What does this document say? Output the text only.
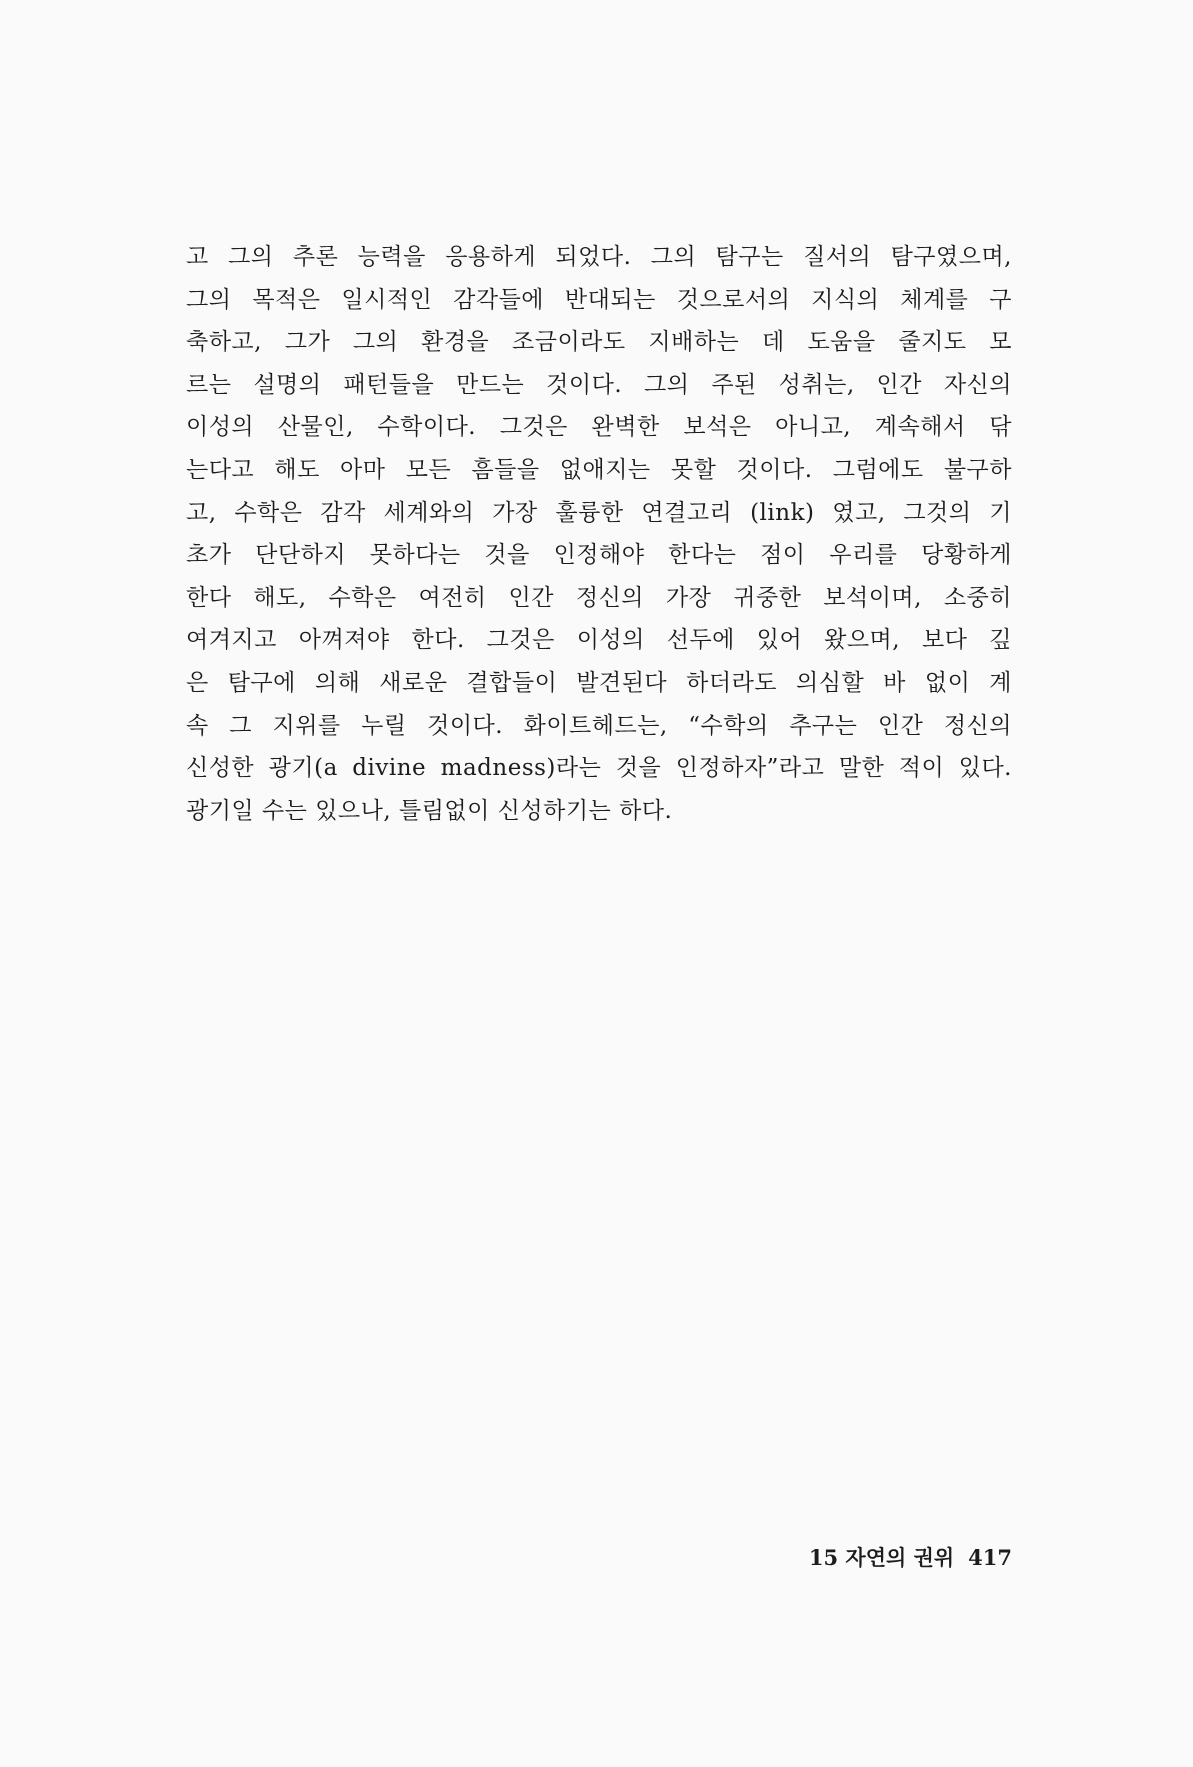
고 그의 추론 능력을 응용하게 되었다. 그의 탐구는 질서의 탐구였으며,
그의 목적은 일시적인 감각들에 반대되는 것으로서의 지식의 체계를 구
축하고, 그가 그의 환경을 조금이라도 지배하는 데 도움을 줄지도 모
르는 설명의 패턴들을 만드는 것이다. 그의 주된 성취는, 인간 자신의
이성의 산물인, 수학이다. 그것은 완벽한 보석은 아니고, 계속해서 닦
는다고 해도 아마 모든 흠들을 없애지는 못할 것이다. 그럼에도 불구하
고, 수학은 감각 세계와의 가장 훌륭한 연결고리 (link) 였고, 그것의 기
초가 단단하지 못하다는 것을 인정해야 한다는 점이 우리를 당황하게
한다 해도, 수학은 여전히 인간 정신의 가장 귀중한 보석이며, 소중히
여겨지고 아껴져야 한다. 그것은 이성의 선두에 있어 왔으며, 보다 깊
은 탐구에 의해 새로운 결합들이 발견된다 하더라도 의심할 바 없이 계
속 그 지위를 누릴 것이다. 화이트헤드는, “수학의 추구는 인간 정신의
신성한 광기(a divine madness)라는 것을 인정하자”라고 말한 적이 있다.
광기일 수는 있으나, 틀림없이 신성하기는 하다.
15 자연의 권위 417
